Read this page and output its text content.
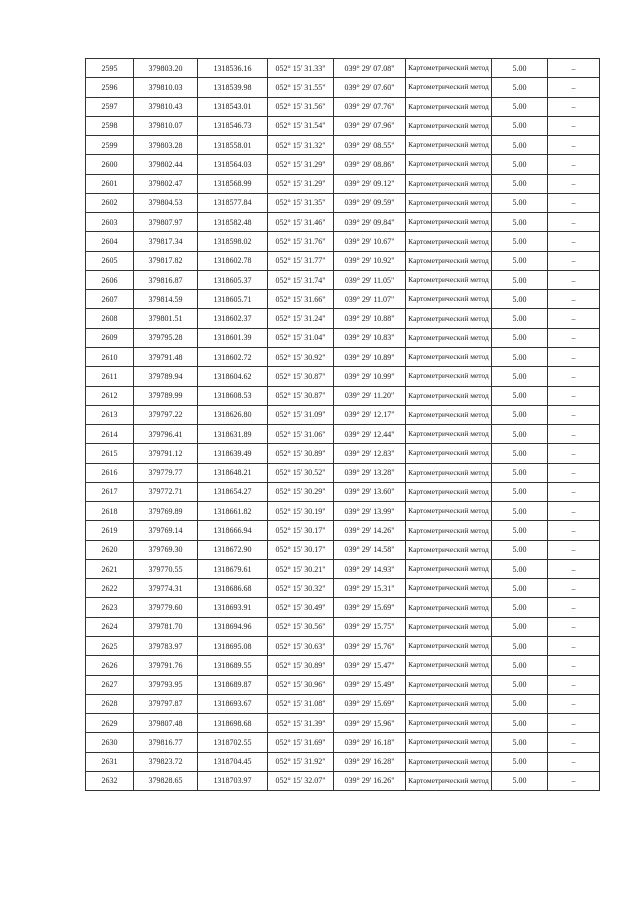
2595	379803.20	1318536.16	052° 15' 31.33"	039° 29' 07.08"	Картометрический метод	5.00	–
2596	379810.03	1318539.98	052° 15' 31.55"	039° 29' 07.60"	Картометрический метод	5.00	–
2597	379810.43	1318543.01	052° 15' 31.56"	039° 29' 07.76"	Картометрический метод	5.00	–
2598	379810.07	1318546.73	052° 15' 31.54"	039° 29' 07.96"	Картометрический метод	5.00	–
2599	379803.28	1318558.01	052° 15' 31.32"	039° 29' 08.55"	Картометрический метод	5.00	–
2600	379802.44	1318564.03	052° 15' 31.29"	039° 29' 08.86"	Картометрический метод	5.00	–
2601	379802.47	1318568.99	052° 15' 31.29"	039° 29' 09.12"	Картометрический метод	5.00	–
2602	379804.53	1318577.84	052° 15' 31.35"	039° 29' 09.59"	Картометрический метод	5.00	–
2603	379807.97	1318582.48	052° 15' 31.46"	039° 29' 09.84"	Картометрический метод	5.00	–
2604	379817.34	1318598.02	052° 15' 31.76"	039° 29' 10.67"	Картометрический метод	5.00	–
2605	379817.82	1318602.78	052° 15' 31.77"	039° 29' 10.92"	Картометрический метод	5.00	–
2606	379816.87	1318605.37	052° 15' 31.74"	039° 29' 11.05"	Картометрический метод	5.00	–
2607	379814.59	1318605.71	052° 15' 31.66"	039° 29' 11.07"	Картометрический метод	5.00	–
2608	379801.51	1318602.37	052° 15' 31.24"	039° 29' 10.88"	Картометрический метод	5.00	–
2609	379795.28	1318601.39	052° 15' 31.04"	039° 29' 10.83"	Картометрический метод	5.00	–
2610	379791.48	1318602.72	052° 15' 30.92"	039° 29' 10.89"	Картометрический метод	5.00	–
2611	379789.94	1318604.62	052° 15' 30.87"	039° 29' 10.99"	Картометрический метод	5.00	–
2612	379789.99	1318608.53	052° 15' 30.87"	039° 29' 11.20"	Картометрический метод	5.00	–
2613	379797.22	1318626.80	052° 15' 31.09"	039° 29' 12.17"	Картометрический метод	5.00	–
2614	379796.41	1318631.89	052° 15' 31.06"	039° 29' 12.44"	Картометрический метод	5.00	–
2615	379791.12	1318639.49	052° 15' 30.89"	039° 29' 12.83"	Картометрический метод	5.00	–
2616	379779.77	1318648.21	052° 15' 30.52"	039° 29' 13.28"	Картометрический метод	5.00	–
2617	379772.71	1318654.27	052° 15' 30.29"	039° 29' 13.60"	Картометрический метод	5.00	–
2618	379769.89	1318661.82	052° 15' 30.19"	039° 29' 13.99"	Картометрический метод	5.00	–
2619	379769.14	1318666.94	052° 15' 30.17"	039° 29' 14.26"	Картометрический метод	5.00	–
2620	379769.30	1318672.90	052° 15' 30.17"	039° 29' 14.58"	Картометрический метод	5.00	–
2621	379770.55	1318679.61	052° 15' 30.21"	039° 29' 14.93"	Картометрический метод	5.00	–
2622	379774.31	1318686.68	052° 15' 30.32"	039° 29' 15.31"	Картометрический метод	5.00	–
2623	379779.60	1318693.91	052° 15' 30.49"	039° 29' 15.69"	Картометрический метод	5.00	–
2624	379781.70	1318694.96	052° 15' 30.56"	039° 29' 15.75"	Картометрический метод	5.00	–
2625	379783.97	1318695.08	052° 15' 30.63"	039° 29' 15.76"	Картометрический метод	5.00	–
2626	379791.76	1318689.55	052° 15' 30.89"	039° 29' 15.47"	Картометрический метод	5.00	–
2627	379793.95	1318689.87	052° 15' 30.96"	039° 29' 15.49"	Картометрический метод	5.00	–
2628	379797.87	1318693.67	052° 15' 31.08"	039° 29' 15.69"	Картометрический метод	5.00	–
2629	379807.48	1318698.68	052° 15' 31.39"	039° 29' 15.96"	Картометрический метод	5.00	–
2630	379816.77	1318702.55	052° 15' 31.69"	039° 29' 16.18"	Картометрический метод	5.00	–
2631	379823.72	1318704.45	052° 15' 31.92"	039° 29' 16.28"	Картометрический метод	5.00	–
2632	379828.65	1318703.97	052° 15' 32.07"	039° 29' 16.26"	Картометрический метод	5.00	–
